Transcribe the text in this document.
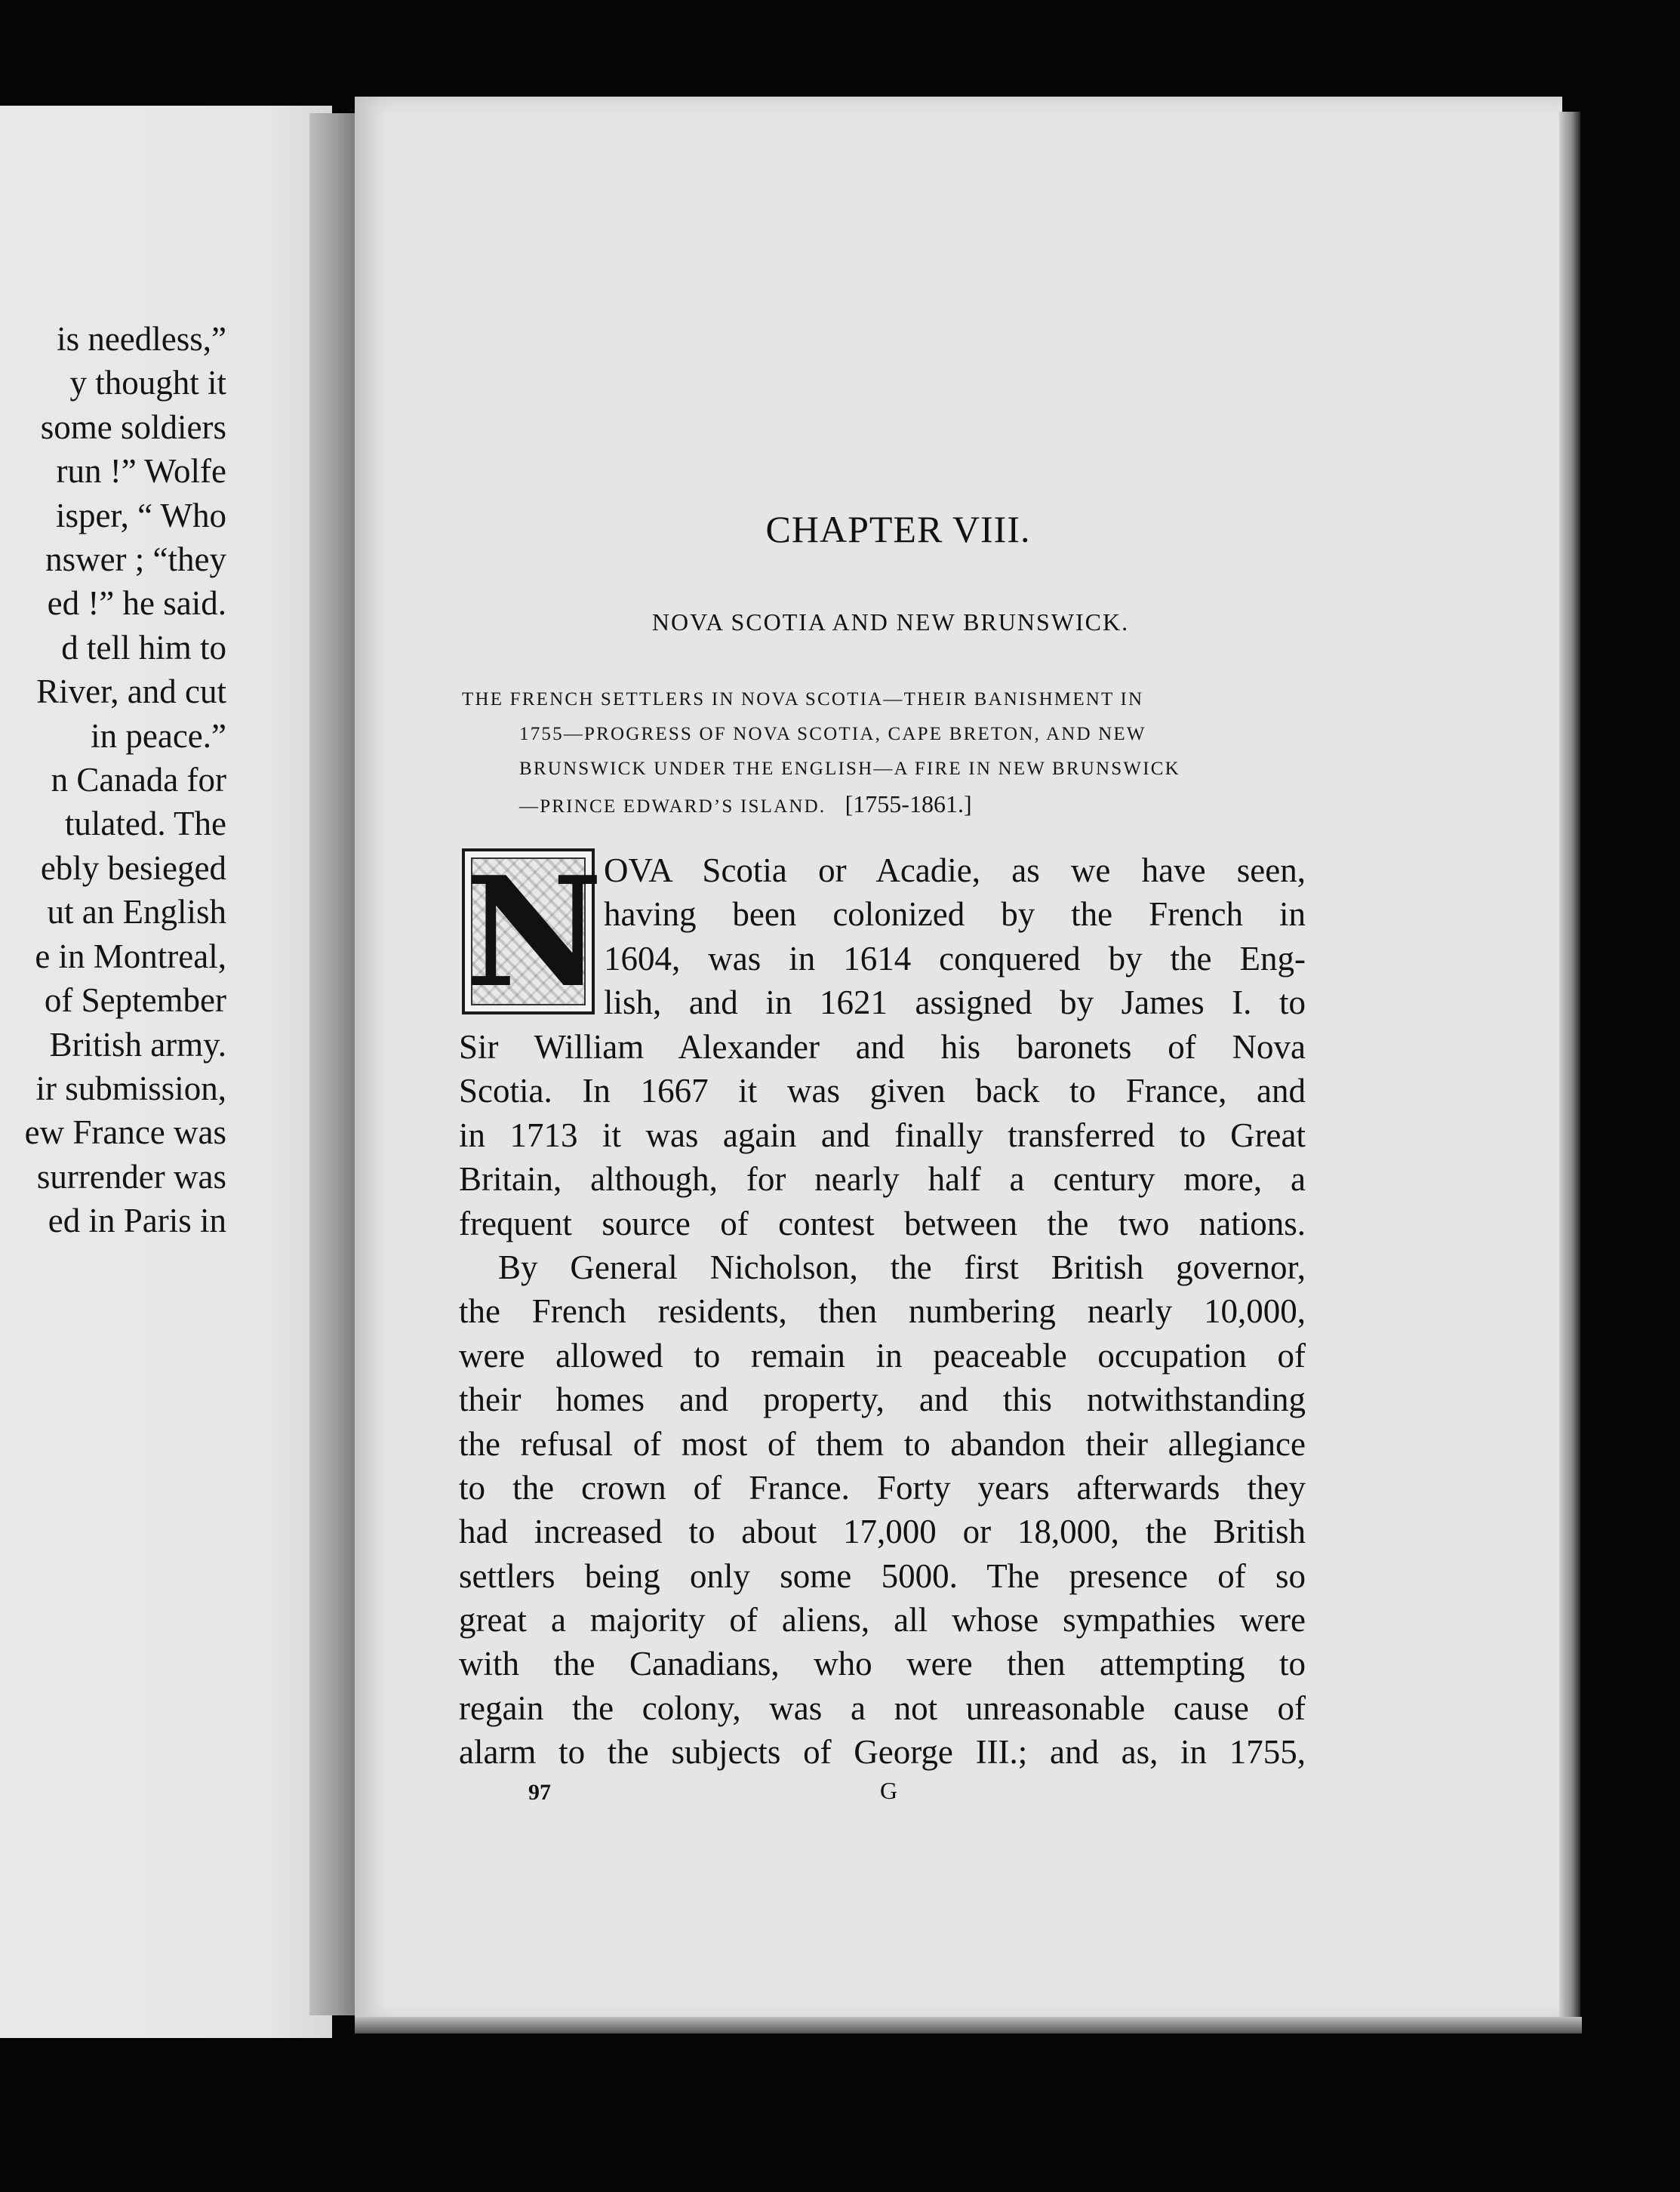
is needless,”
y thought it
some soldiers
run !” Wolfe
isper, “ Who
nswer ; “they
ed !” he said.
d tell him to
River, and cut
in peace.”
n Canada for
tulated. The
ebly besieged
ut an English
e in Montreal,
of September
British army.
ir submission,
ew France was
surrender was
ed in Paris in
CHAPTER VIII.
NOVA SCOTIA AND NEW BRUNSWICK.
THE FRENCH SETTLERS IN NOVA SCOTIA—THEIR BANISHMENT IN
1755—PROGRESS OF NOVA SCOTIA, CAPE BRETON, AND NEW
BRUNSWICK UNDER THE ENGLISH—A FIRE IN NEW BRUNSWICK
—PRINCE EDWARD’S ISLAND. [1755-1861.]
N OVA Scotia or Acadie, as we have seen,
having been colonized by the French in
1604, was in 1614 conquered by the Eng-
lish, and in 1621 assigned by James I. to
Sir William Alexander and his baronets of Nova
Scotia. In 1667 it was given back to France, and
in 1713 it was again and finally transferred to Great
Britain, although, for nearly half a century more, a
frequent source of contest between the two nations.
By General Nicholson, the first British governor,
the French residents, then numbering nearly 10,000,
were allowed to remain in peaceable occupation of
their homes and property, and this notwithstanding
the refusal of most of them to abandon their allegiance
to the crown of France. Forty years afterwards they
had increased to about 17,000 or 18,000, the British
settlers being only some 5000. The presence of so
great a majority of aliens, all whose sympathies were
with the Canadians, who were then attempting to
regain the colony, was a not unreasonable cause of
alarm to the subjects of George III.; and as, in 1755,
97	G
